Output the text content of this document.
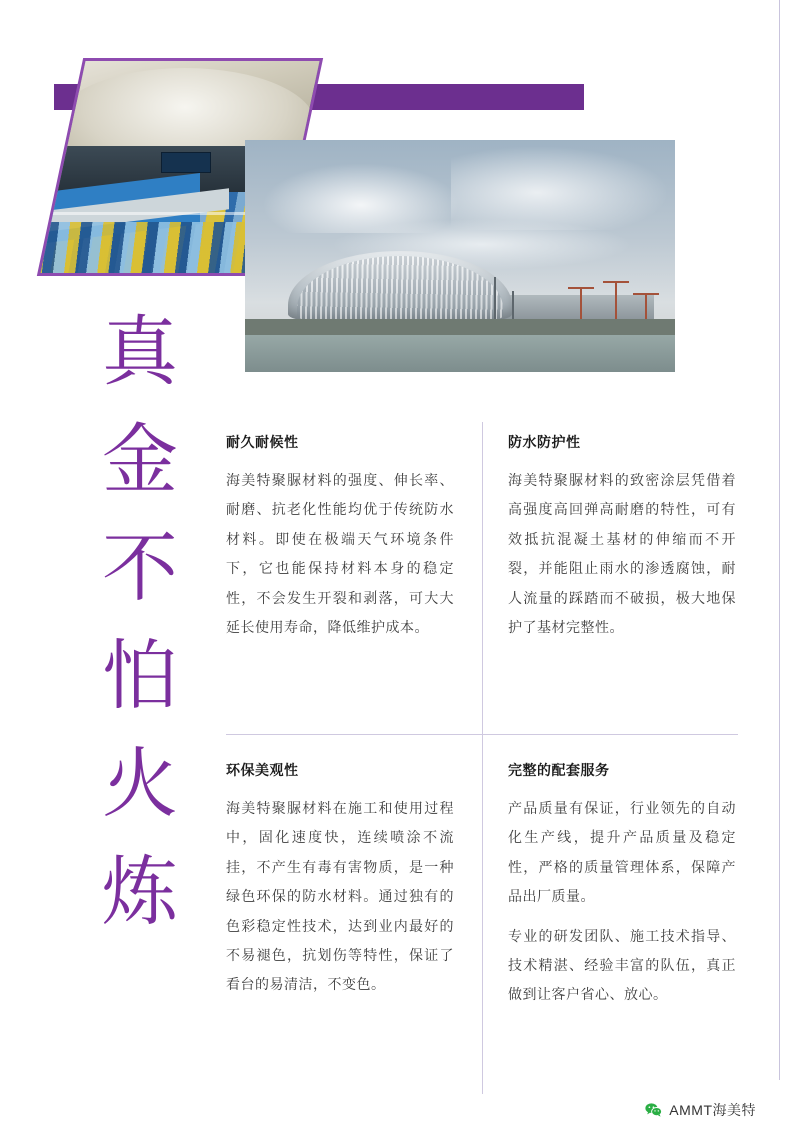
真
金
不
怕
火
炼
耐久耐候性

海美特聚脲材料的强度、伸长率、耐磨、抗老化性能均优于传统防水材料。即使在极端天气环境条件下，它也能保持材料本身的稳定性，不会发生开裂和剥落，可大大延长使用寿命，降低维护成本。

防水防护性

海美特聚脲材料的致密涂层凭借着高强度高回弹高耐磨的特性，可有效抵抗混凝土基材的伸缩而不开裂，并能阻止雨水的渗透腐蚀，耐人流量的踩踏而不破损，极大地保护了基材完整性。

环保美观性

海美特聚脲材料在施工和使用过程中，固化速度快，连续喷涂不流挂，不产生有毒有害物质，是一种绿色环保的防水材料。通过独有的色彩稳定性技术，达到业内最好的不易褪色，抗划伤等特性，保证了看台的易清洁，不变色。

完整的配套服务

产品质量有保证，行业领先的自动化生产线，提升产品质量及稳定性，严格的质量管理体系，保障产品出厂质量。

专业的研发团队、施工技术指导、技术精湛、经验丰富的队伍，真正做到让客户省心、放心。

AMMT海美特
